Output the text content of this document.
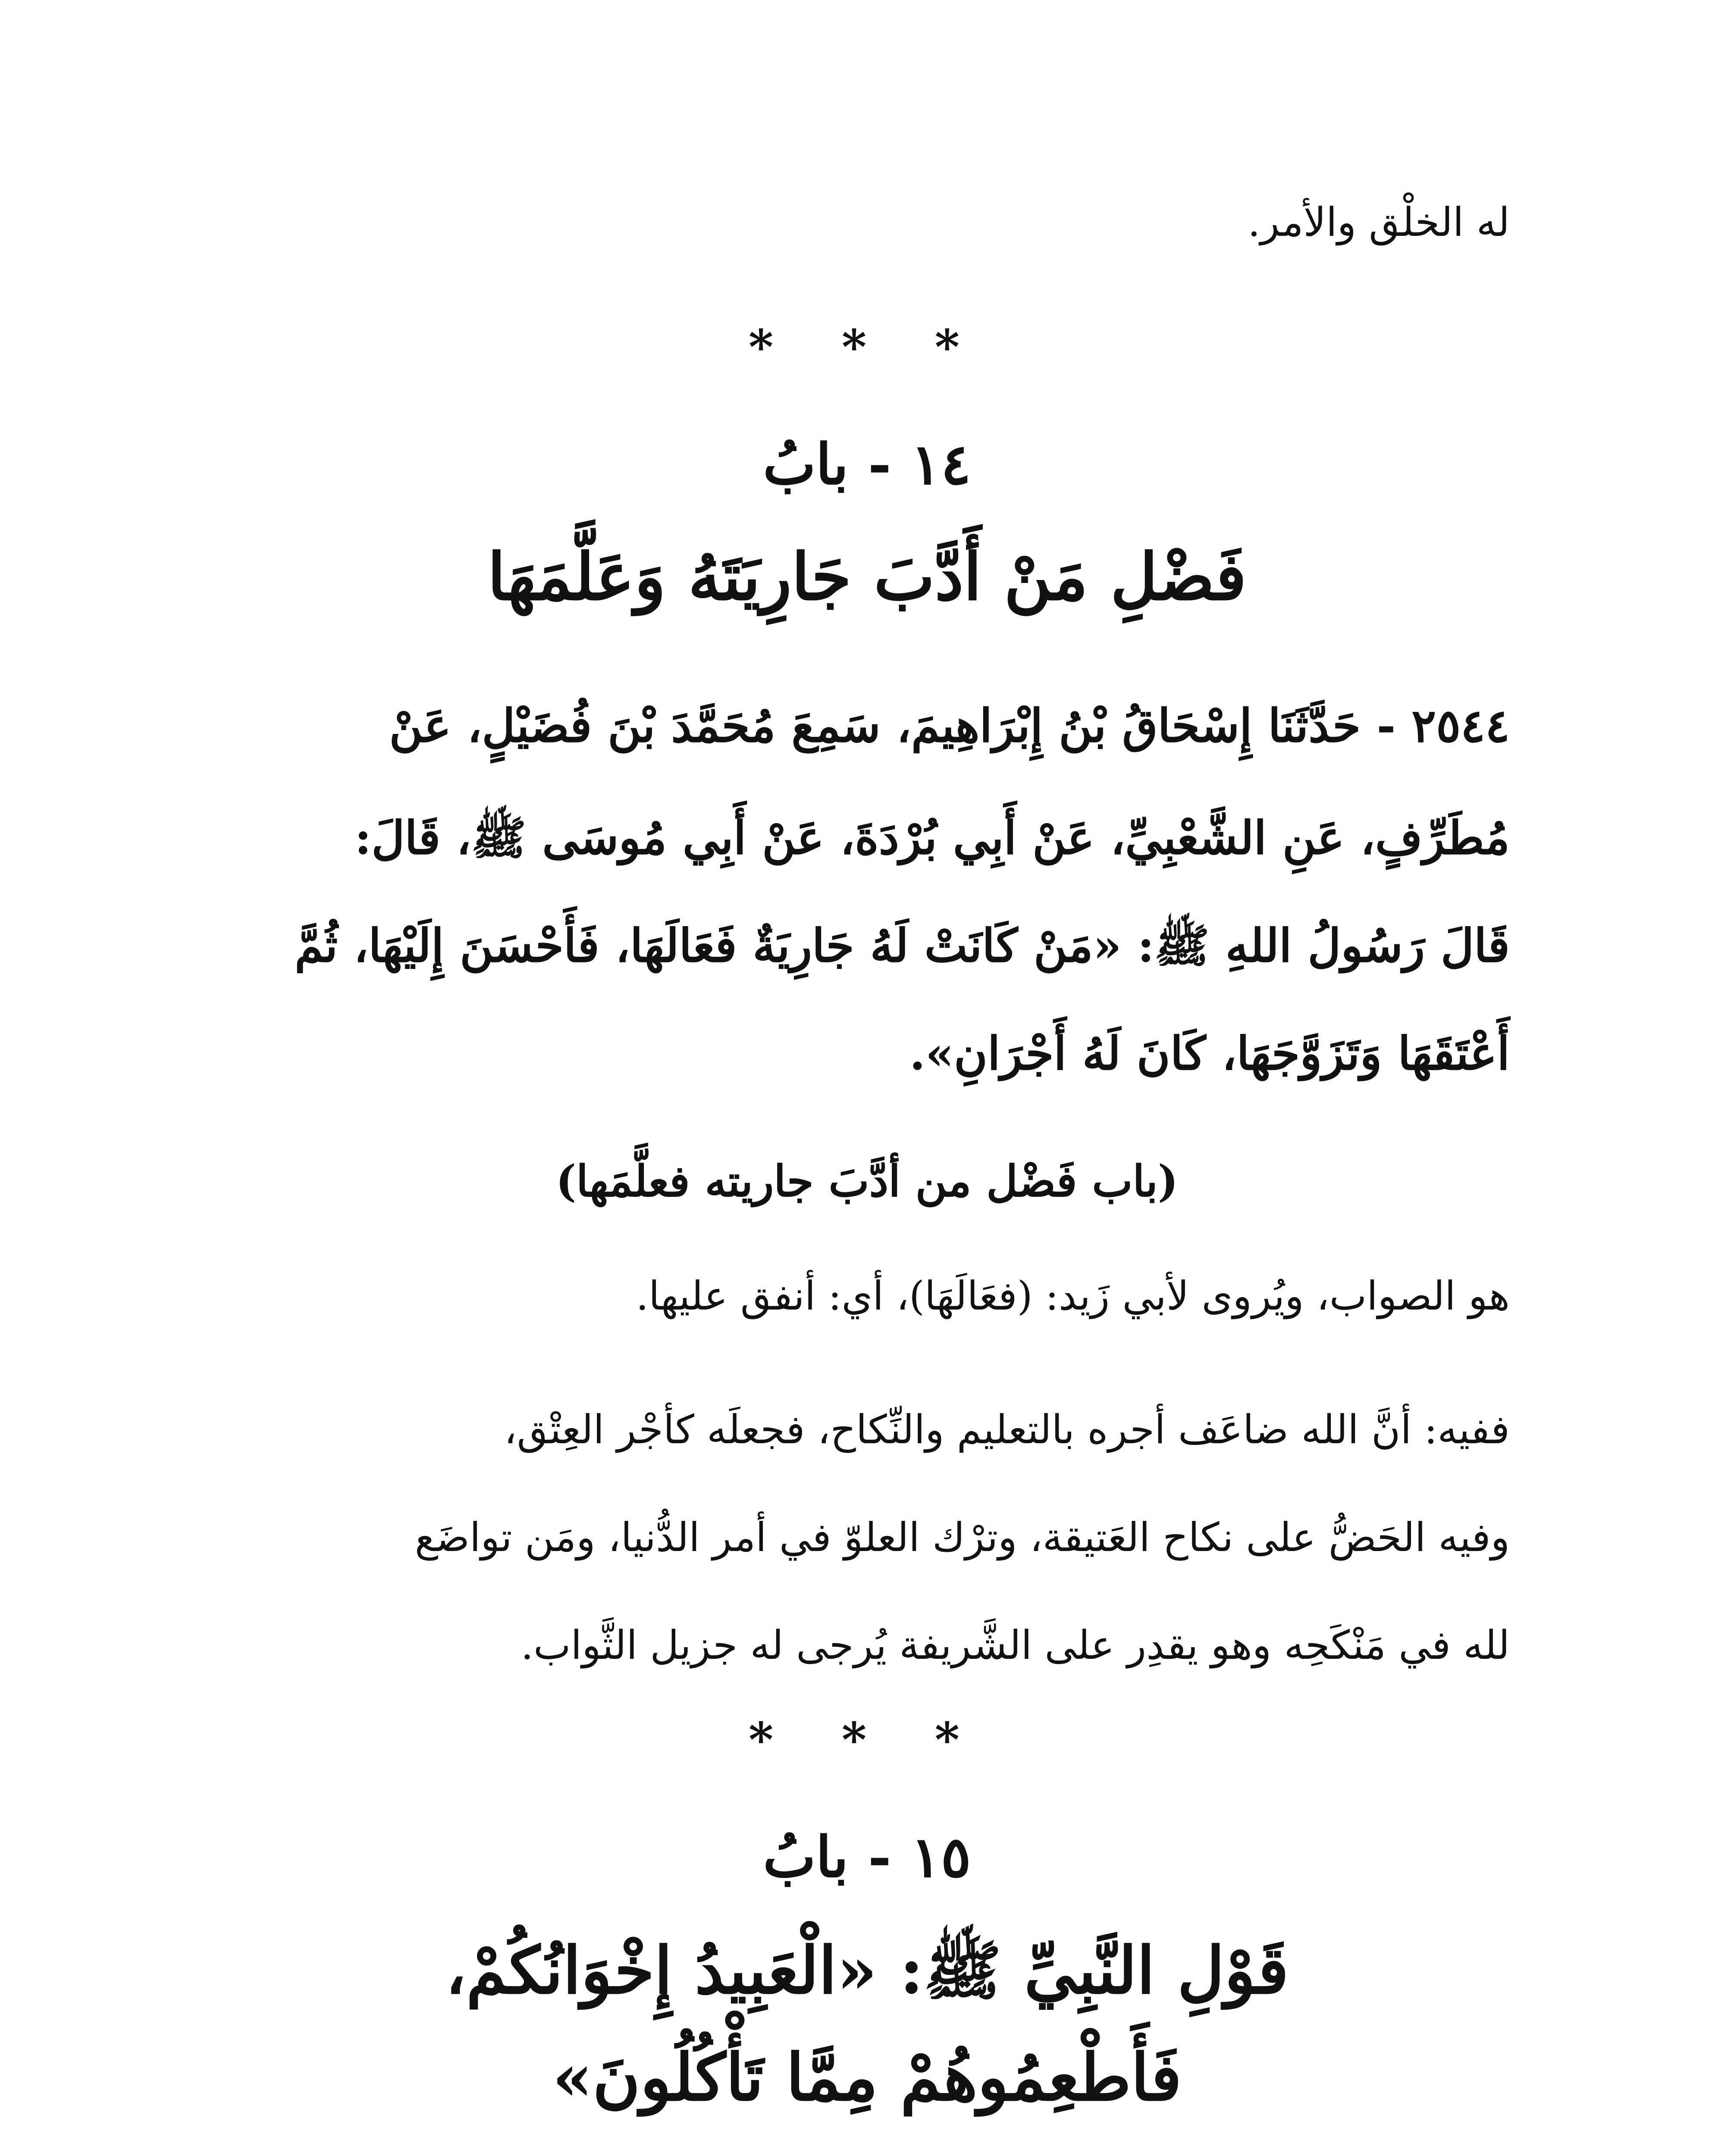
له الخلْق والأمر.
* * *
١٤ - بابُ
فَضْلِ مَنْ أَدَّبَ جَارِيَتَهُ وَعَلَّمَهَا
٢٥٤٤ - حَدَّثَنَا إِسْحَاقُ بْنُ إِبْرَاهِيمَ، سَمِعَ مُحَمَّدَ بْنَ فُضَيْلٍ، عَنْ
مُطَرِّفٍ، عَنِ الشَّعْبِيِّ، عَنْ أَبِي بُرْدَةَ، عَنْ أَبِي مُوسَى ﷺ، قَالَ:
قَالَ رَسُولُ اللهِ ﷺ: «مَنْ كَانَتْ لَهُ جَارِيَةٌ فَعَالَهَا، فَأَحْسَنَ إِلَيْهَا، ثُمَّ
أَعْتَقَهَا وَتَزَوَّجَهَا، كَانَ لَهُ أَجْرَانِ».
(باب فَضْل من أدَّبَ جاريته فعلَّمَها)
هو الصواب، ويُروى لأبي زَيد: (فعَالَهَا)، أي: أنفق عليها.
ففيه: أنَّ الله ضاعَف أجره بالتعليم والنِّكاح، فجعلَه كأجْر العِتْق،
وفيه الحَضُّ على نكاح العَتيقة، وترْك العلوّ في أمر الدُّنيا، ومَن تواضَع
لله في مَنْكَحِه وهو يقدِر على الشَّريفة يُرجى له جزيل الثَّواب.
* * *
١٥ - بابُ
قَوْلِ النَّبِيِّ ﷺ: «الْعَبِيدُ إِخْوَانُكُمْ،
فَأَطْعِمُوهُمْ مِمَّا تَأْكُلُونَ»
